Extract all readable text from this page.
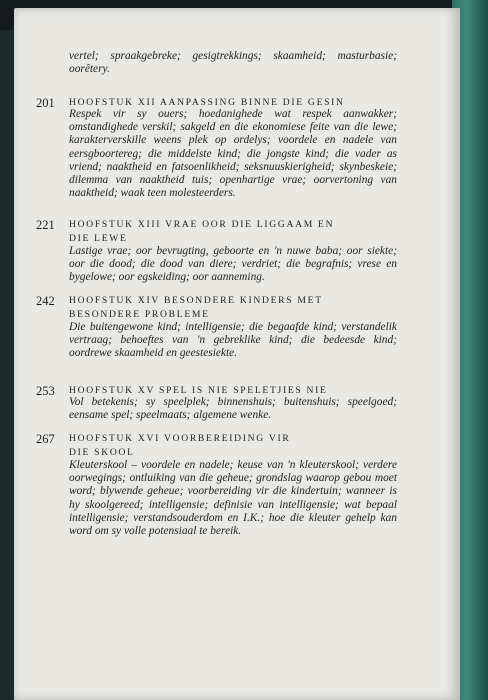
vertel; spraakgebreke; gesigtrekkings; skaamheid; masturbasie; oorêtery.
201 HOOFSTUK XII AANPASSING BINNE DIE GESIN
Respek vir sy ouers; hoedanighede wat respek aanwakker; omstandighede verskil; sakgeld en die ekonomiese feite van die lewe; karakterverskille weens plek op ordelys; voordele en nadele van eersgboortereg; die middelste kind; die jongste kind; die vader as vriend; naaktheid en fatsoenlikheid; seksnuuskierigheid; skynbeskeie; dilemma van naaktheid tuis; openhartige vrae; oorvertoning van naaktheid; waak teen molesteerders.
221 HOOFSTUK XIII VRAE OOR DIE LIGGAAM EN
DIE LEWE
Lastige vrae; oor bevrugting, geboorte en 'n nuwe baba; oor siekte; oor die dood; die dood van diere; verdriet; die begrafnis; vrese en bygelowe; oor egskeiding; oor aanneming.
242 HOOFSTUK XIV BESONDERE KINDERS MET
BESONDERE PROBLEME
Die buitengewone kind; intelligensie; die begaafde kind; verstandelik vertraag; behoeftes van 'n gebreklike kind; die bedeesde kind; oordrewe skaamheid en geestesiekte.
253 HOOFSTUK XV SPEL IS NIE SPELETJIES NIE
Vol betekenis; sy speelplek; binnenshuis; buitenshuis; speelgoed; eensame spel; speelmaats; algemene wenke.
267 HOOFSTUK XVI VOORBEREIDING VIR
DIE SKOOL
Kleuterskool – voordele en nadele; keuse van 'n kleuterskool; verdere oorwegings; ontluiking van die geheue; grondslag waarop gebou moet word; blywende geheue; voorbereiding vir die kindertuin; wanneer is hy skoolgereed; intelligensie; definisie van intelligensie; wat bepaal intelligensie; verstandsouderdom en I.K.; hoe die kleuter gehelp kan word om sy volle potensiaal te bereik.
